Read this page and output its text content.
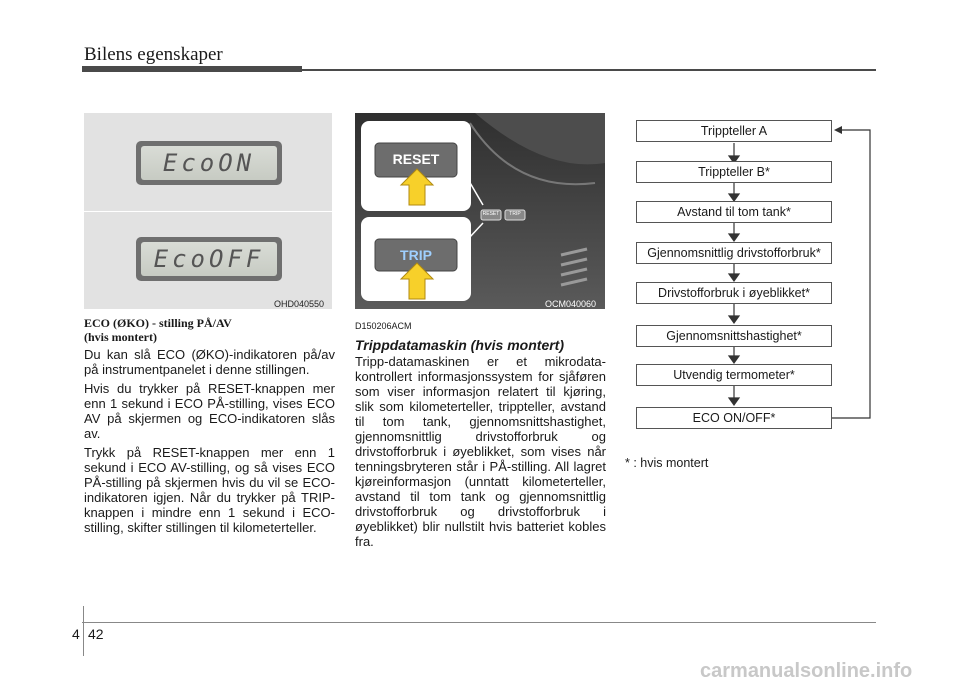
Bilens egenskaper
EcoON
EcoOFF
OHD040550
RESET
TRIP
RESET	TRIP
OCM040060
ECO (ØKO) - stilling PÅ/AV
(hvis montert)

Du kan slå ECO (ØKO)-indikatoren på/av på instrumentpanelet i denne stillingen.

Hvis du trykker på RESET-knappen mer enn 1 sekund i ECO PÅ-stilling, vises ECO AV på skjermen og ECO-indikatoren slås av.

Trykk på RESET-knappen mer enn 1 sekund i ECO AV-stilling, og så vises ECO PÅ-stilling på skjermen hvis du vil se ECO-indikatoren igjen. Når du trykker på TRIP-knappen i mindre enn 1 sekund i ECO-stilling, skifter stillingen til kilometerteller.

D150206ACM
Trippdatamaskin (hvis montert)

Tripp-datamaskinen er et mikrodata-kontrollert informasjonssystem for sjåføren som viser informasjon relatert til kjøring, slik som kilometerteller, trippteller, avstand til tom tank, gjennomsnittshastighet, gjennomsnittlig drivstofforbruk og drivstofforbruk i øyeblikket, som vises når tenningsbryteren står i PÅ-stilling. All lagret kjøreinformasjon (unntatt kilometerteller, avstand til tom tank og gjennomsnittlig drivstofforbruk og drivstofforbruk i øyeblikket) blir nullstilt hvis batteriet kobles fra.

Trippteller A
Trippteller B*
Avstand til tom tank*
Gjennomsnittlig drivstofforbruk*
Drivstofforbruk i øyeblikket*
Gjennomsnittshastighet*
Utvendig termometer*
ECO ON/OFF*
* : hvis montert
4 42
carmanualsonline.info
